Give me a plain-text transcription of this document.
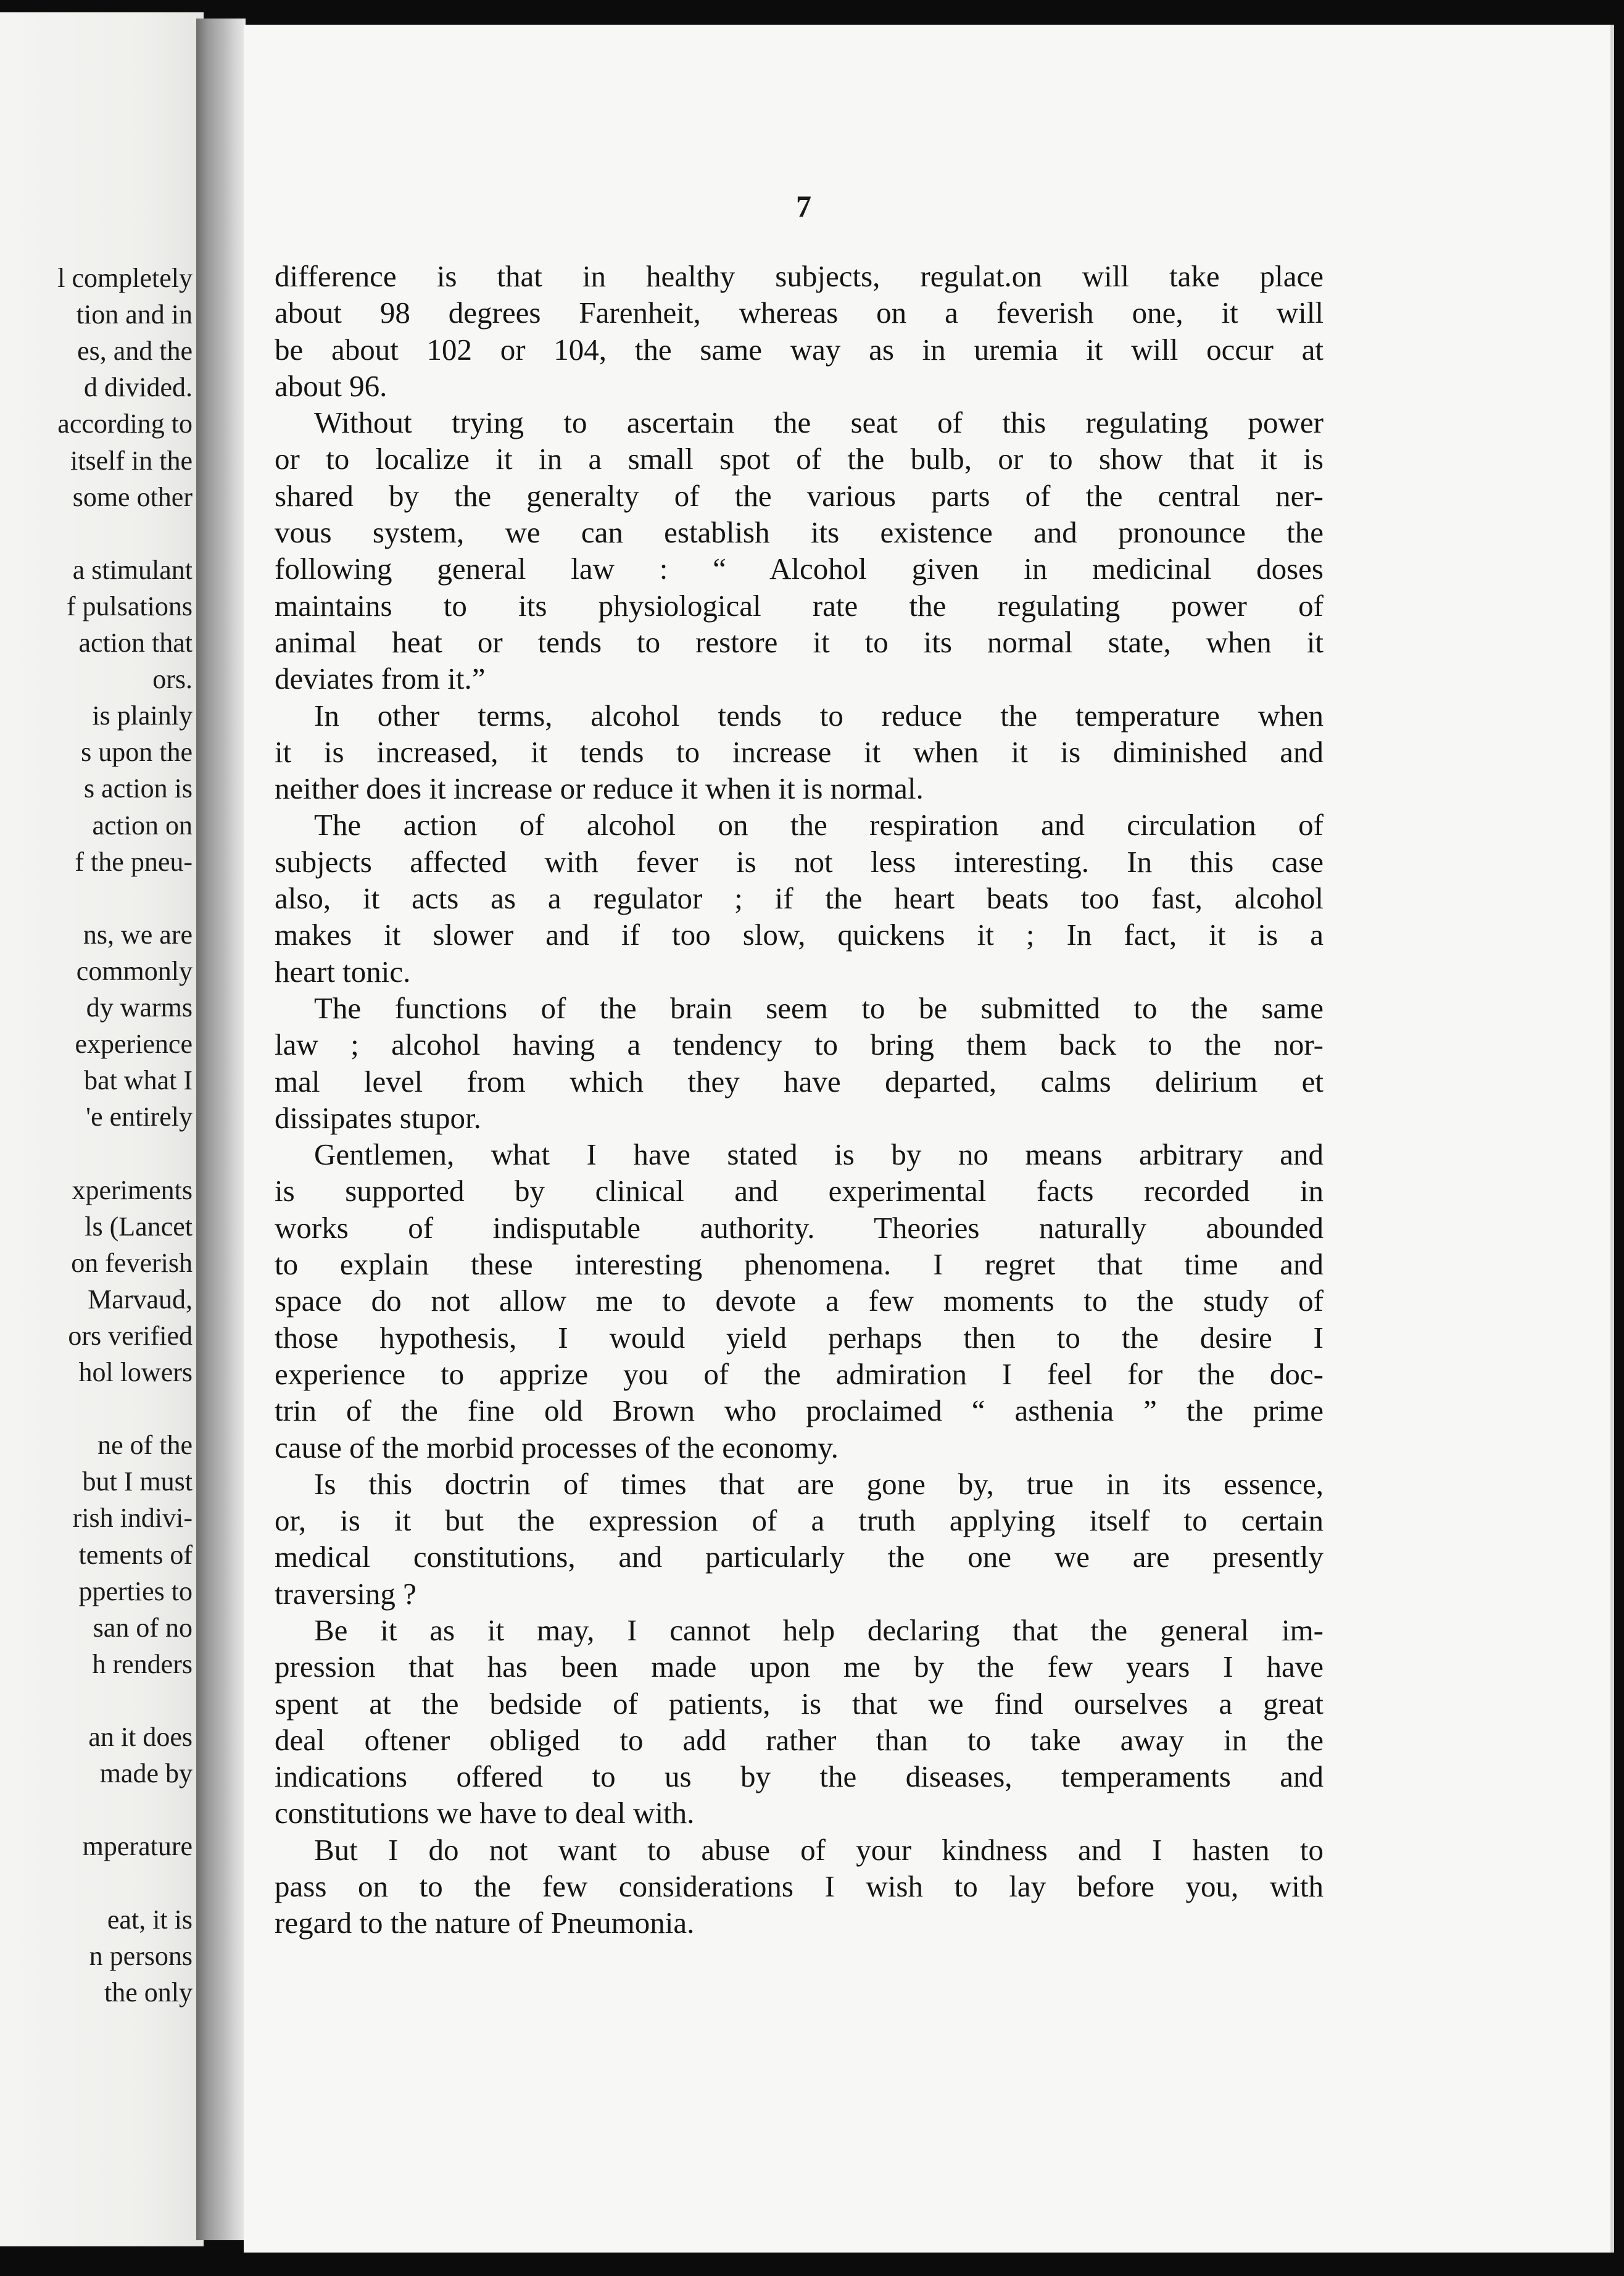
l completely
tion and in
es, and the
d divided.
according to
itself in the
some other
a stimulant
f pulsations
action that
ors.
is plainly
s upon the
s action is
action on
f the pneu-
ns, we are
commonly
dy warms
experience
bat what I
'e entirely
xperiments
ls (Lancet
on feverish
Marvaud,
ors verified
hol lowers
ne of the
but I must
rish indivi-
tements of
pperties to
san of no
h renders
an it does
made by
mperature
eat, it is
n persons
the only
7
difference is that in healthy subjects, regulat.on will take place
about 98 degrees Farenheit, whereas on a feverish one, it will
be about 102 or 104, the same way as in uremia it will occur at
about 96.
Without trying to ascertain the seat of this regulating power
or to localize it in a small spot of the bulb, or to show that it is
shared by the generalty of the various parts of the central ner-
vous system, we can establish its existence and pronounce the
following general law : “ Alcohol given in medicinal doses
maintains to its physiological rate the regulating power of
animal heat or tends to restore it to its normal state, when it
deviates from it.”
In other terms, alcohol tends to reduce the temperature when
it is increased, it tends to increase it when it is diminished and
neither does it increase or reduce it when it is normal.
The action of alcohol on the respiration and circulation of
subjects affected with fever is not less interesting. In this case
also, it acts as a regulator ; if the heart beats too fast, alcohol
makes it slower and if too slow, quickens it ; In fact, it is a
heart tonic.
The functions of the brain seem to be submitted to the same
law ; alcohol having a tendency to bring them back to the nor-
mal level from which they have departed, calms delirium et
dissipates stupor.
Gentlemen, what I have stated is by no means arbitrary and
is supported by clinical and experimental facts recorded in
works of indisputable authority. Theories naturally abounded
to explain these interesting phenomena. I regret that time and
space do not allow me to devote a few moments to the study of
those hypothesis, I would yield perhaps then to the desire I
experience to apprize you of the admiration I feel for the doc-
trin of the fine old Brown who proclaimed “ asthenia ” the prime
cause of the morbid processes of the economy.
Is this doctrin of times that are gone by, true in its essence,
or, is it but the expression of a truth applying itself to certain
medical constitutions, and particularly the one we are presently
traversing ?
Be it as it may, I cannot help declaring that the general im-
pression that has been made upon me by the few years I have
spent at the bedside of patients, is that we find ourselves a great
deal oftener obliged to add rather than to take away in the
indications offered to us by the diseases, temperaments and
constitutions we have to deal with.
But I do not want to abuse of your kindness and I hasten to
pass on to the few considerations I wish to lay before you, with
regard to the nature of Pneumonia.
